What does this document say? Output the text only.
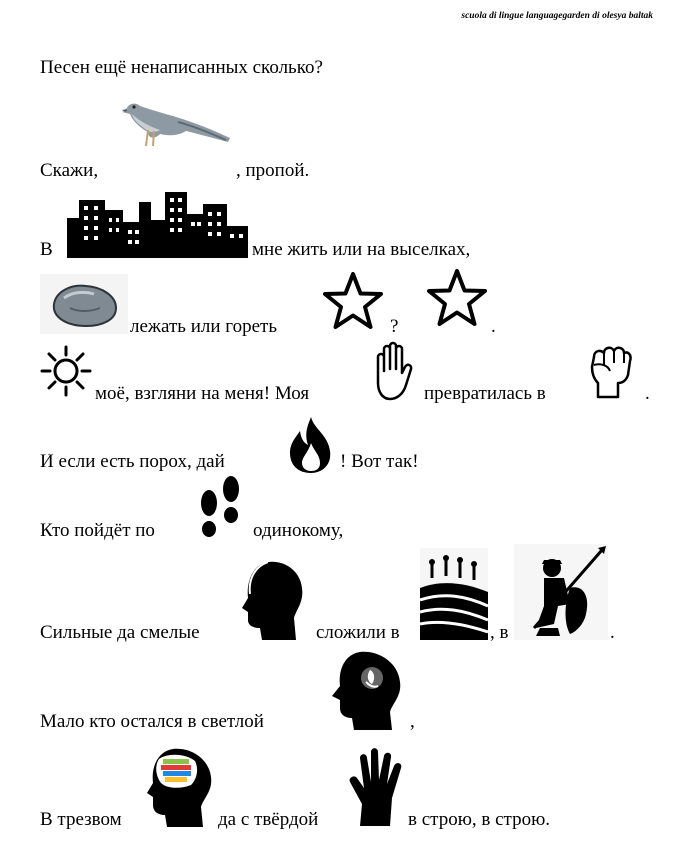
scuola di lingue languagegarden di olesya baltak
Песен ещё ненаписанных сколько?
Скажи,	, пропой.
В	мне жить или на выселках,
лежать или гореть	?	.
моё, взгляни на меня! Моя	превратилась в	.
И если есть порох, дай	! Вот так!
Кто пойдёт по	одинокому,
Сильные да смелые	сложили в	, в	.
Мало кто остался в светлой	,
В трезвом	да с твёрдой	в строю, в строю.
